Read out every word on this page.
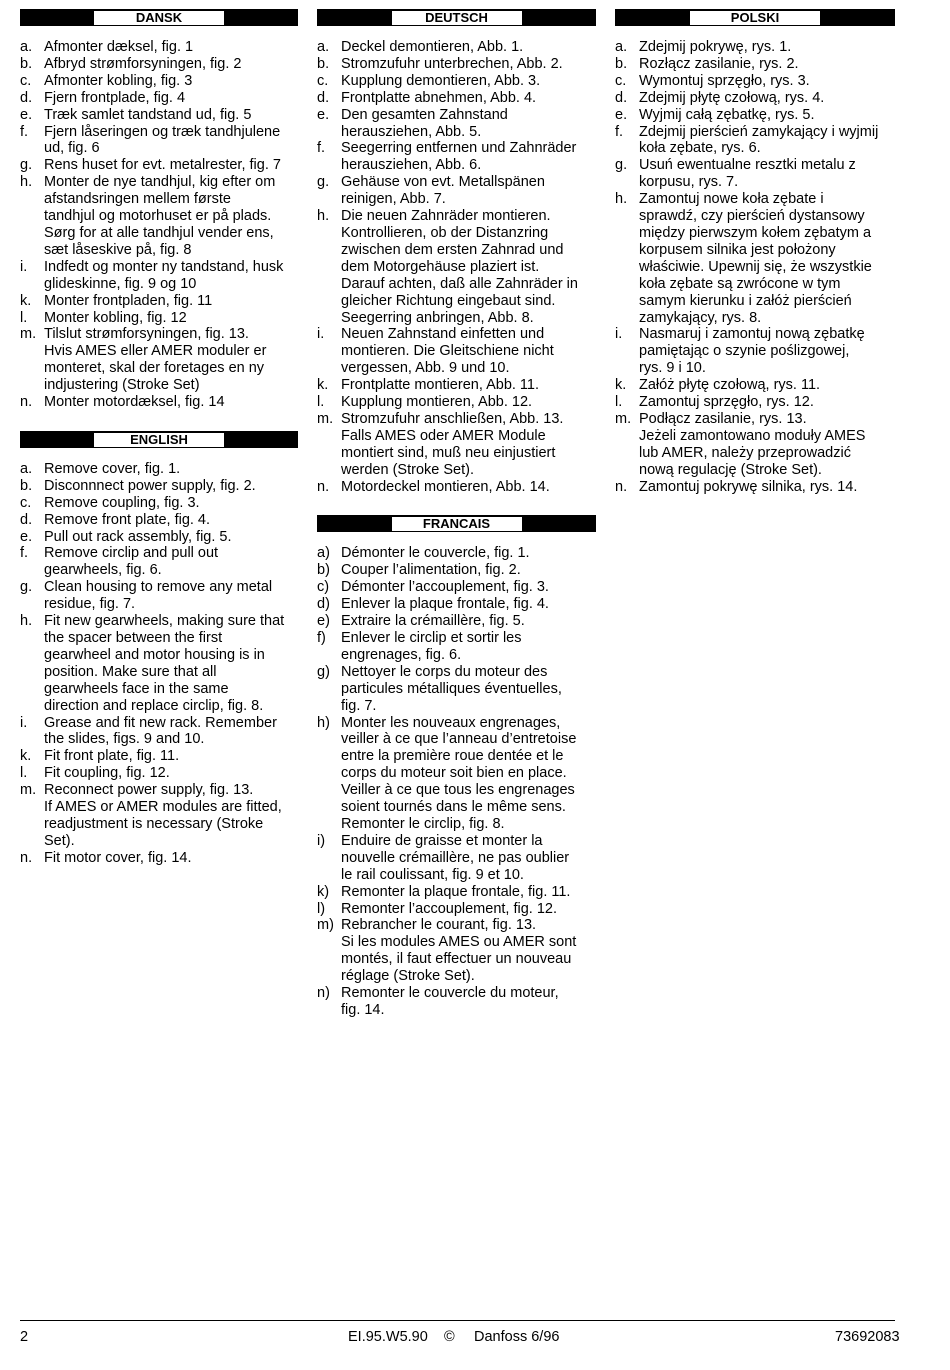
DANSK
a. Afmonter dæksel, fig. 1
b. Afbryd strømforsyningen, fig. 2
c. Afmonter kobling, fig. 3
d. Fjern frontplade, fig. 4
e. Træk samlet tandstand ud, fig. 5
f.	Fjern låseringen og træk tandhjulene
ud, fig. 6
g. Rens huset for evt. metalrester, fig. 7
h. Monter de nye tandhjul, kig efter om
afstandsringen mellem første
tandhjul og motorhuset er på plads.
Sørg for at alle tandhjul vender ens,
sæt låseskive på, fig. 8
i.	Indfedt og monter ny tandstand, husk
glideskinne, fig. 9 og 10
k. Monter frontpladen, fig. 11
l.	Monter kobling, fig. 12
m. Tilslut strømforsyningen, fig. 13.
Hvis AMES eller AMER moduler er
monteret, skal der foretages en ny
indjustering (Stroke Set)
n. Monter motordæksel, fig. 14
ENGLISH
a. Remove cover, fig. 1.
b. Disconnnect power supply, fig. 2.
c. Remove coupling, fig. 3.
d. Remove front plate, fig. 4.
e. Pull out rack assembly, fig. 5.
f.	Remove circlip and pull out
gearwheels, fig. 6.
g. Clean housing to remove any metal
residue, fig. 7.
h. Fit new gearwheels, making sure that
the spacer between the first
gearwheel and motor housing is in
position. Make sure that all
gearwheels face in the same
direction and replace circlip, fig. 8.
i.	Grease and fit new rack. Remember
the slides, figs. 9 and 10.
k. Fit front plate, fig. 11.
l.	Fit coupling, fig. 12.
m. Reconnect power supply, fig. 13.
If AMES or AMER modules are fitted,
readjustment is necessary (Stroke
Set).
n. Fit motor cover, fig. 14.
DEUTSCH
a. Deckel demontieren, Abb. 1.
b. Stromzufuhr unterbrechen, Abb. 2.
c. Kupplung demontieren, Abb. 3.
d. Frontplatte abnehmen, Abb. 4.
e. Den gesamten Zahnstand
herausziehen, Abb. 5.
f.	Seegerring entfernen und Zahnräder
herausziehen, Abb. 6.
g. Gehäuse von evt. Metallspänen
reinigen, Abb. 7.
h. Die neuen Zahnräder montieren.
Kontrollieren, ob der Distanzring
zwischen dem ersten Zahnrad und
dem Motorgehäuse plaziert ist.
Darauf achten, daß alle Zahnräder in
gleicher Richtung eingebaut sind.
Seegerring anbringen, Abb. 8.
i.	Neuen Zahnstand einfetten und
montieren. Die Gleitschiene nicht
vergessen, Abb. 9 und 10.
k. Frontplatte montieren, Abb. 11.
l.	Kupplung montieren, Abb. 12.
m. Stromzufuhr anschließen, Abb. 13.
Falls AMES oder AMER Module
montiert sind, muß neu einjustiert
werden (Stroke Set).
n. Motordeckel montieren, Abb. 14.
FRANCAIS
a) Démonter le couvercle, fig. 1.
b) Couper l’alimentation, fig. 2.
c) Démonter l’accouplement, fig. 3.
d) Enlever la plaque frontale, fig. 4.
e) Extraire la crémaillère, fig. 5.
f)	Enlever le circlip et sortir les
engrenages, fig. 6.
g) Nettoyer le corps du moteur des
particules métalliques éventuelles,
fig. 7.
h) Monter les nouveaux engrenages,
veiller à ce que l’anneau d’entretoise
entre la première roue dentée et le
corps du moteur soit bien en place.
Veiller à ce que tous les engrenages
soient tournés dans le même sens.
Remonter le circlip, fig. 8.
i)	Enduire de graisse et monter la
nouvelle crémaillère, ne pas oublier
le rail coulissant, fig. 9 et 10.
k) Remonter la plaque frontale, fig. 11.
l)	Remonter l’accouplement, fig. 12.
m) Rebrancher le courant, fig. 13.
Si les modules AMES ou AMER sont
montés, il faut effectuer un nouveau
réglage (Stroke Set).
n) Remonter le couvercle du moteur,
fig. 14.
POLSKI
a. Zdejmij pokrywę, rys. 1.
b. Rozłącz zasilanie, rys. 2.
c. Wymontuj sprzęgło, rys. 3.
d. Zdejmij płytę czołową, rys. 4.
e. Wyjmij całą zębatkę, rys. 5.
f.	Zdejmij pierścień zamykający i wyjmij
koła zębate, rys. 6.
g. Usuń ewentualne resztki metalu z
korpusu, rys. 7.
h. Zamontuj nowe koła zębate i
sprawdź, czy pierścień dystansowy
między pierwszym kołem zębatym a
korpusem silnika jest położony
właściwie. Upewnij się, że wszystkie
koła zębate są zwrócone w tym
samym kierunku i załóż pierścień
zamykający, rys. 8.
i.	Nasmaruj i zamontuj nową zębatkę
pamiętając o szynie poślizgowej,
rys. 9 i 10.
k. Załóż płytę czołową, rys. 11.
l.	Zamontuj sprzęgło, rys. 12.
m. Podłącz zasilanie, rys. 13.
Jeżeli zamontowano moduły AMES
lub AMER, należy przeprowadzić
nową regulację (Stroke Set).
n. Zamontuj pokrywę silnika, rys. 14.
2	EI.95.W5.90 © Danfoss 6/96	73692083
